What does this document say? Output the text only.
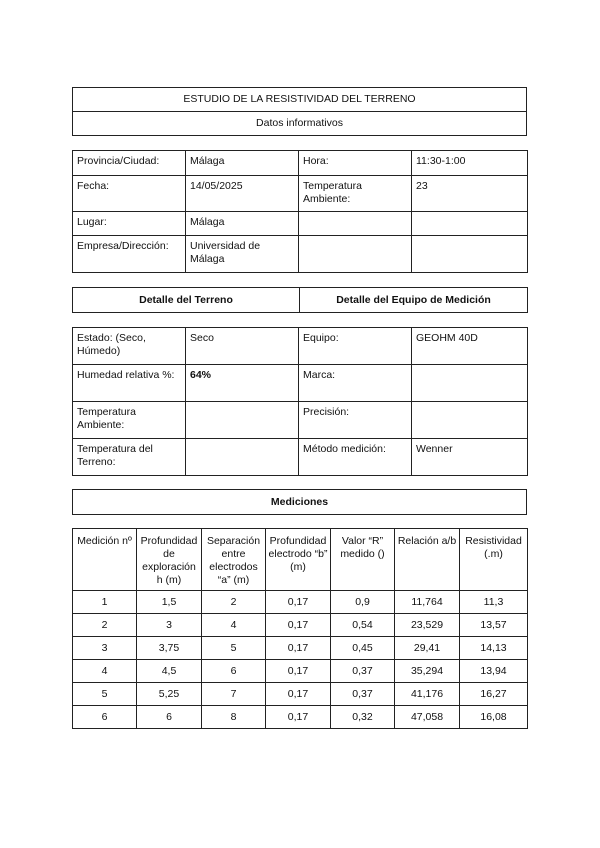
ESTUDIO DE LA RESISTIVIDAD DEL TERRENO
Datos informativos
Provincia/Ciudad:	Málaga	Hora:	11:30-1:00
Fecha:	14/05/2025	Temperatura Ambiente:	23
Lugar:	Málaga		
Empresa/Dirección:	Universidad de Málaga		
Detalle del Terreno	Detalle del Equipo de Medición
Estado: (Seco, Húmedo)	Seco	Equipo:	GEOHM 40D
Humedad relativa %:	64%	Marca:	
Temperatura Ambiente:		Precisión:	
Temperatura del Terreno:		Método medición:	Wenner
Mediciones
Medición nº	Profundidad de exploración h (m)	Separación entre electrodos “a” (m)	Profundidad electrodo “b” (m)	Valor “R” medido ()	Relación a/b	Resistividad (.m)
1	1,5	2	0,17	0,9	11,764	11,3
2	3	4	0,17	0,54	23,529	13,57
3	3,75	5	0,17	0,45	29,41	14,13
4	4,5	6	0,17	0,37	35,294	13,94
5	5,25	7	0,17	0,37	41,176	16,27
6	6	8	0,17	0,32	47,058	16,08
